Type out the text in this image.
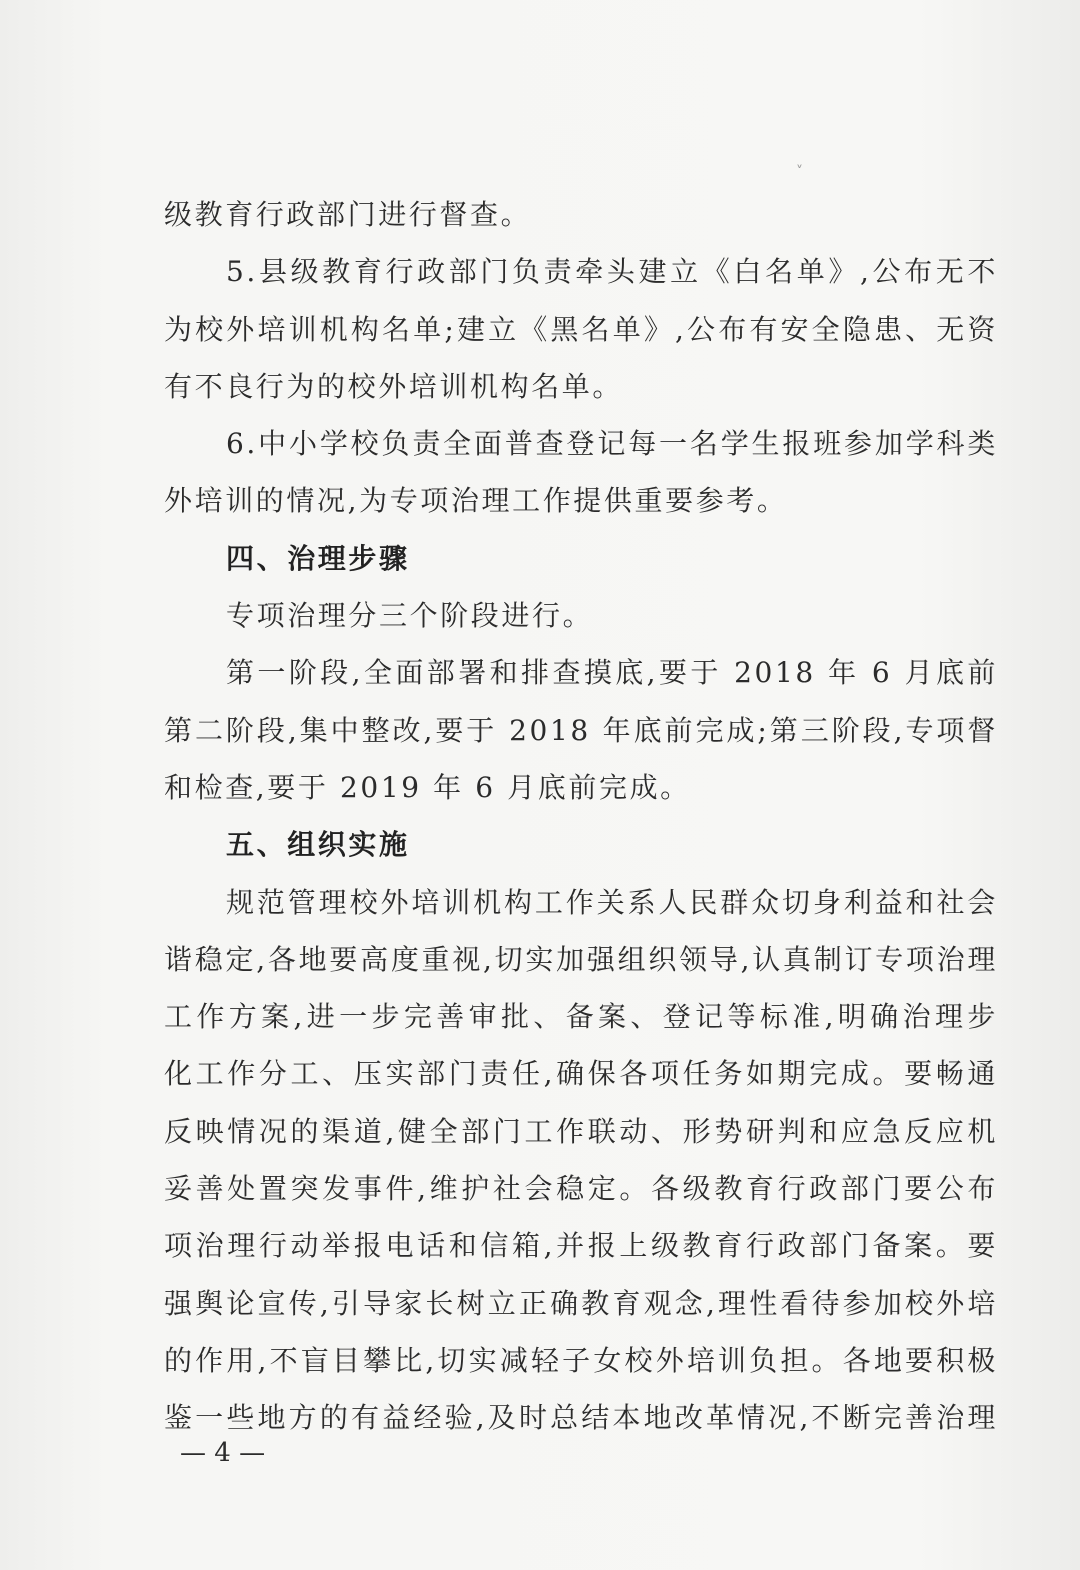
˅
级教育行政部门进行督查。
5.县级教育行政部门负责牵头建立《白名单》,公布无不
为校外培训机构名单;建立《黑名单》,公布有安全隐患、无资
有不良行为的校外培训机构名单。
6.中小学校负责全面普查登记每一名学生报班参加学科类
外培训的情况,为专项治理工作提供重要参考。
四、治理步骤
专项治理分三个阶段进行。
第一阶段,全面部署和排查摸底,要于 2018 年 6 月底前
第二阶段,集中整改,要于 2018 年底前完成;第三阶段,专项督
和检查,要于 2019 年 6 月底前完成。
五、组织实施
规范管理校外培训机构工作关系人民群众切身利益和社会
谐稳定,各地要高度重视,切实加强组织领导,认真制订专项治理
工作方案,进一步完善审批、备案、登记等标准,明确治理步
化工作分工、压实部门责任,确保各项任务如期完成。要畅通
反映情况的渠道,健全部门工作联动、形势研判和应急反应机
妥善处置突发事件,维护社会稳定。各级教育行政部门要公布
项治理行动举报电话和信箱,并报上级教育行政部门备案。要
强舆论宣传,引导家长树立正确教育观念,理性看待参加校外培
的作用,不盲目攀比,切实减轻子女校外培训负担。各地要积极
鉴一些地方的有益经验,及时总结本地改革情况,不断完善治理
— 4 —
